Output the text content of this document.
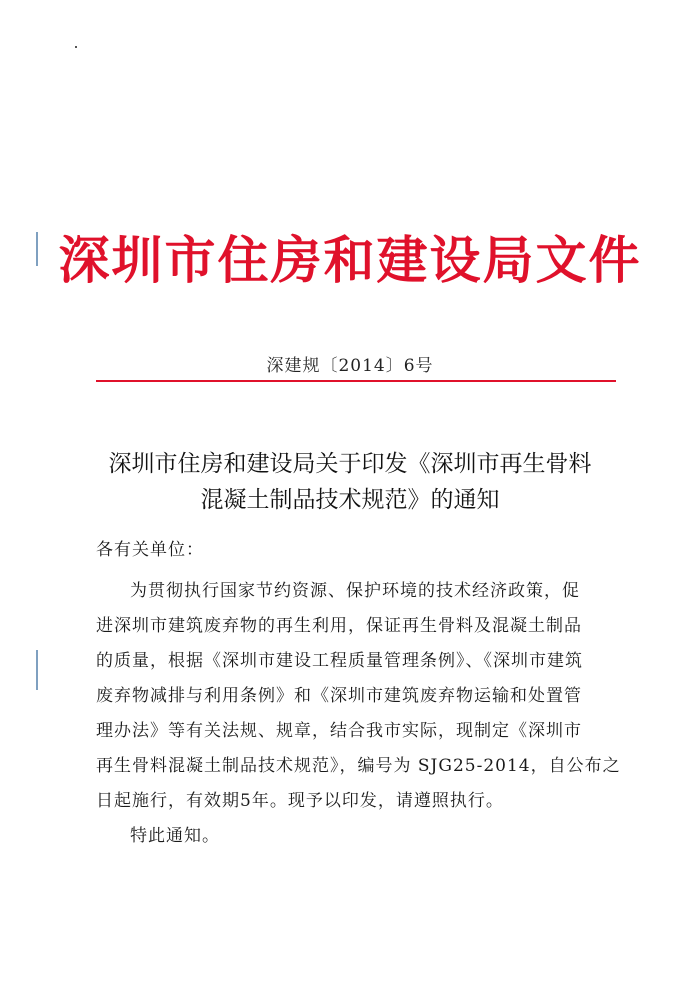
深圳市住房和建设局文件
深建规〔2014〕6号
深圳市住房和建设局关于印发《深圳市再生骨料
混凝土制品技术规范》的通知
各有关单位：
为贯彻执行国家节约资源、保护环境的技术经济政策，促
进深圳市建筑废弃物的再生利用，保证再生骨料及混凝土制品
的质量，根据《深圳市建设工程质量管理条例》、《深圳市建筑
废弃物减排与利用条例》和《深圳市建筑废弃物运输和处置管
理办法》等有关法规、规章，结合我市实际，现制定《深圳市
再生骨料混凝土制品技术规范》，编号为 SJG25-2014，自公布之
日起施行，有效期5年。现予以印发，请遵照执行。
特此通知。
